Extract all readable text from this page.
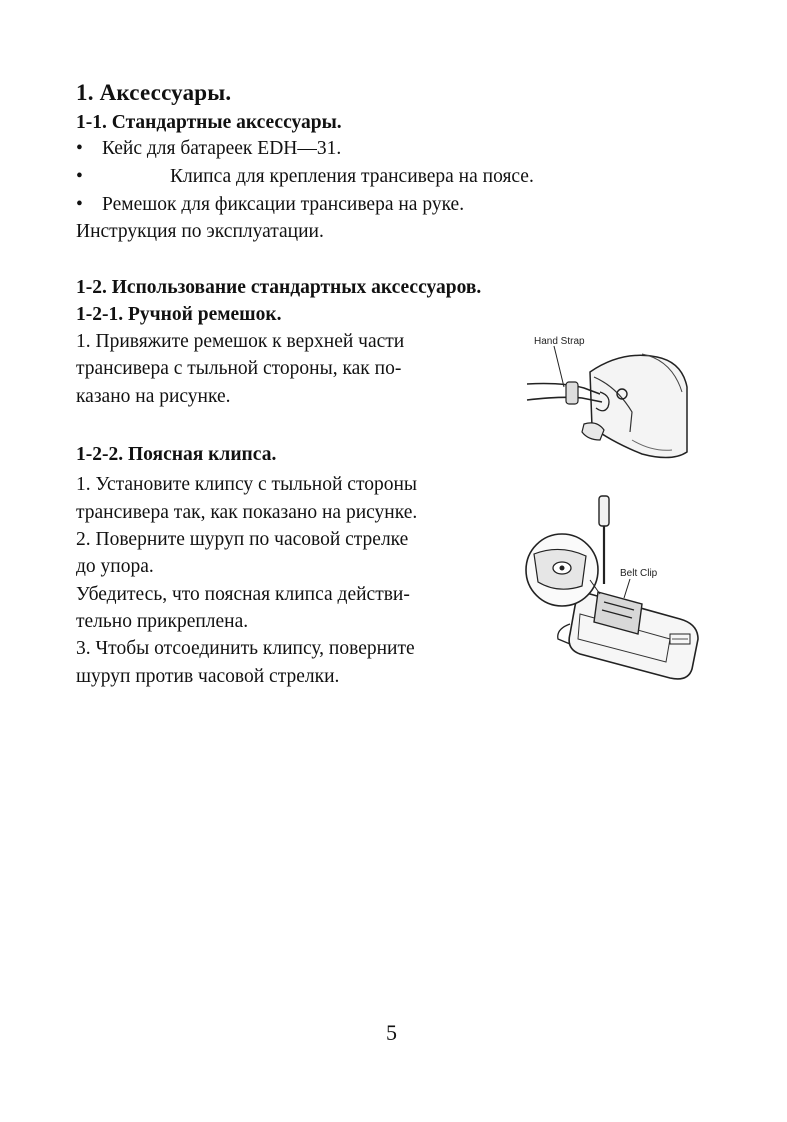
1. Аксессуары.
1-1. Стандартные аксессуары.
• Кейс для батареек EDH—31.
•	Клипса для крепления трансивера на поясе.
• Ремешок для фиксации трансивера на руке.
Инструкция по эксплуатации.
1-2. Использование стандартных аксессуаров.
1-2-1. Ручной ремешок.
1. Привяжите ремешок к верхней части
трансивера с тыльной стороны, как по-
казано на рисунке.
Hand Strap
1-2-2. Поясная клипса.
1. Установите клипсу с тыльной стороны
трансивера так, как показано на рисунке.
2. Поверните шуруп по часовой стрелке
до упора.
Убедитесь, что поясная клипса действи-
тельно прикреплена.
3. Чтобы отсоединить клипсу, поверните
шуруп против часовой стрелки.
Belt Clip
5
